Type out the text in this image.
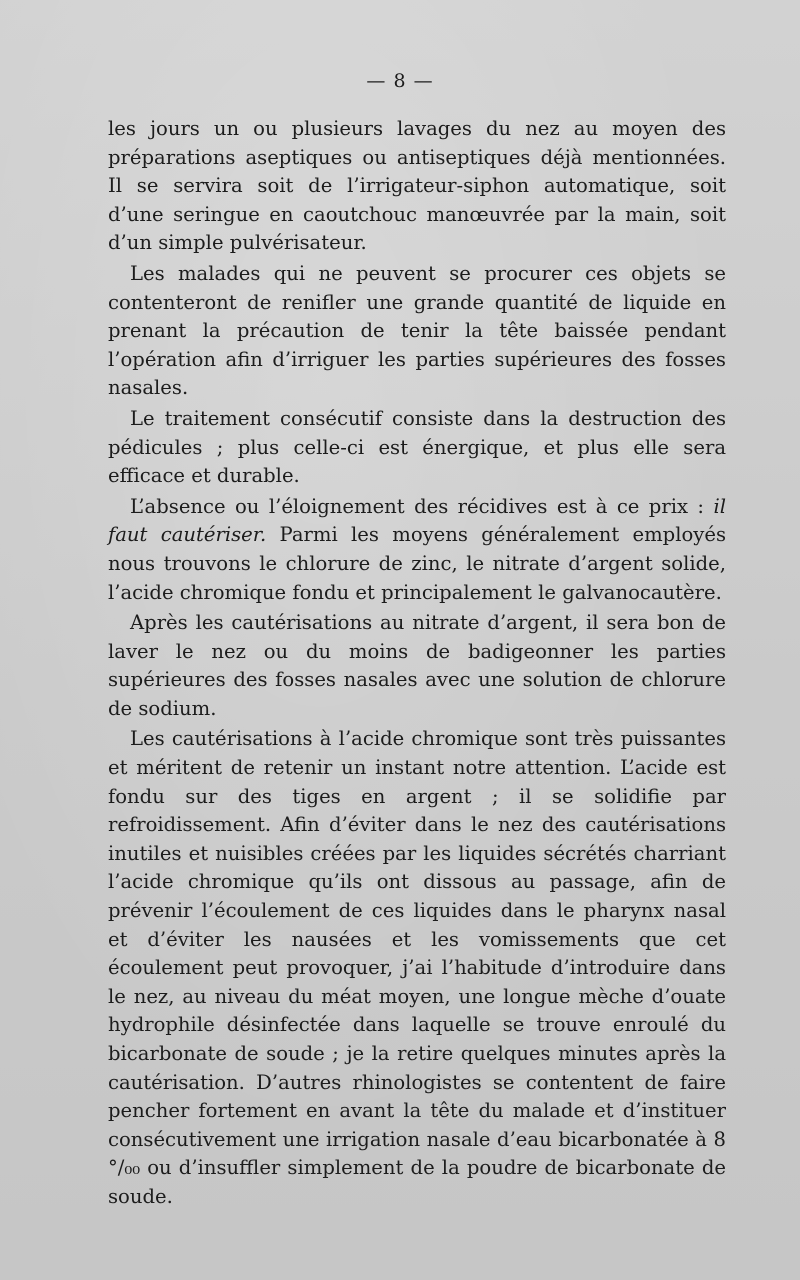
— 8 —

les jours un ou plusieurs lavages du nez au moyen des préparations aseptiques ou antiseptiques déjà mentionnées. Il se servira soit de l’irrigateur-siphon automatique, soit d’une seringue en caoutchouc manœuvrée par la main, soit d’un simple pulvérisateur.

Les malades qui ne peuvent se procurer ces objets se contenteront de renifler une grande quantité de liquide en prenant la précaution de tenir la tête baissée pendant l’opération afin d’irriguer les parties supérieures des fosses nasales.

Le traitement consécutif consiste dans la destruction des pédicules ; plus celle-ci est énergique, et plus elle sera efficace et durable.

L’absence ou l’éloignement des récidives est à ce prix : il faut cautériser. Parmi les moyens généralement employés nous trouvons le chlorure de zinc, le nitrate d’argent solide, l’acide chromique fondu et principalement le galvanocautère.

Après les cautérisations au nitrate d’argent, il sera bon de laver le nez ou du moins de badigeonner les parties supérieures des fosses nasales avec une solution de chlorure de sodium.

Les cautérisations à l’acide chromique sont très puissantes et méritent de retenir un instant notre attention. L’acide est fondu sur des tiges en argent ; il se solidifie par refroidissement. Afin d’éviter dans le nez des cautérisations inutiles et nuisibles créées par les liquides sécrétés charriant l’acide chromique qu’ils ont dissous au passage, afin de prévenir l’écoulement de ces liquides dans le pharynx nasal et d’éviter les nausées et les vomissements que cet écoulement peut provoquer, j’ai l’habitude d’introduire dans le nez, au niveau du méat moyen, une longue mèche d’ouate hydrophile désinfectée dans laquelle se trouve enroulé du bicarbonate de soude ; je la retire quelques minutes après la cautérisation. D’autres rhinologistes se contentent de faire pencher fortement en avant la tête du malade et d’instituer consécutivement une irrigation nasale d’eau bicarbonatée à 8 °/₀₀ ou d’insuffler simplement de la poudre de bicarbonate de soude.
